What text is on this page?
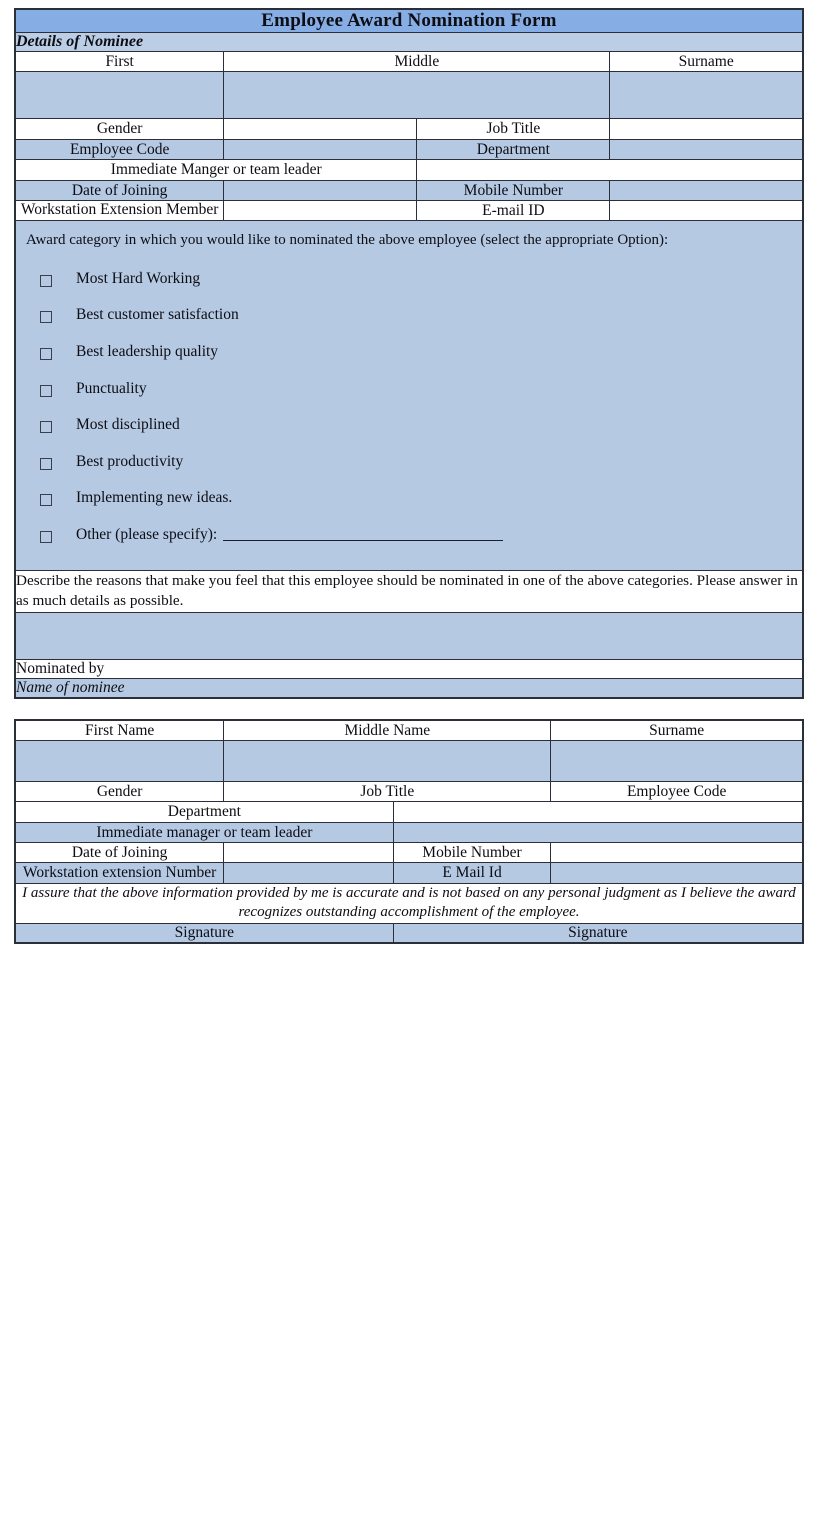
Employee Award Nomination Form			
Details of Nominee			
First	Middle		Surname

Gender		Job Title	
Employee Code		Department	
Immediate Manger or team leader			
Date of Joining		Mobile Number	
Workstation Extension Member		E-mail ID	

Award category in which you would like to nominated the above employee (select the appropriate Option):
Most Hard Working
Best customer satisfaction
Best leadership quality
Punctuality
Most disciplined
Best productivity
Implementing new ideas.
Other (please specify):

Describe the reasons that make you feel that this employee should be nominated in one of the above categories. Please answer in as much details as possible.			

Nominated by			
Name of nominee			
First Name	Middle Name		Surname

Gender	Job Title		Employee Code
Department			
Immediate manager or team leader			
Date of Joining		Mobile Number	
Workstation extension Number		E Mail Id	
I assure that the above information provided by me is accurate and is not based on any personal judgment as I believe the award recognizes outstanding accomplishment of the employee.			
Signature		Signature	
